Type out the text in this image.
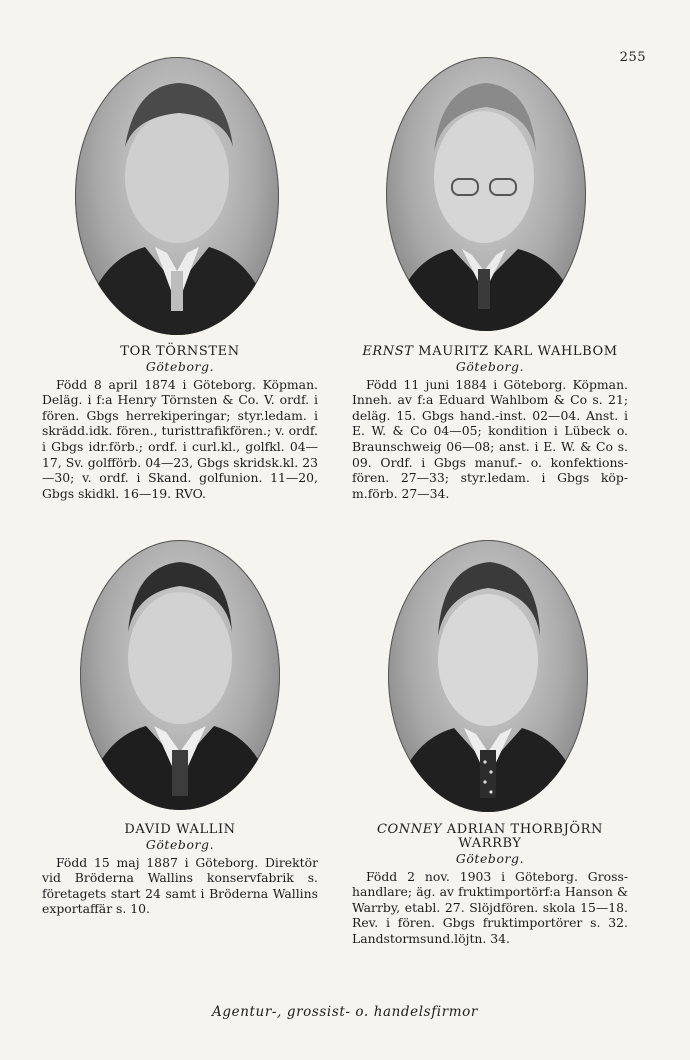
255
TOR TÖRNSTEN
Göteborg.

Född 8 april 1874 i Göteborg. Köpman. Deläg. i f:a Henry Törnsten & Co. V. ordf. i fören. Gbgs herrekiperingar; styr.ledam. i skrädd.idk. fören., turisttrafikfören.; v. ordf. i Gbgs idr.förb.; ordf. i curl.kl., golfkl. 04—17, Sv. golfförb. 04—23, Gbgs skridsk.kl. 23—30; v. ordf. i Skand. golfunion. 11—20, Gbgs skidkl. 16—19. RVO.

ERNST MAURITZ KARL WAHLBOM
Göteborg.

Född 11 juni 1884 i Göteborg. Köpman. Inneh. av f:a Eduard Wahlbom & Co s. 21; deläg. 15. Gbgs hand.-inst. 02—04. Anst. i E. W. & Co 04—05; kondition i Lübeck o. Braunschweig 06—08; anst. i E. W. & Co s. 09. Ordf. i Gbgs manuf.- o. konfektionsfören. 27—33; styr.ledam. i Gbgs köpm.förb. 27—34.

DAVID WALLIN
Göteborg.

Född 15 maj 1887 i Göteborg. Direktör vid Bröderna Wallins konservfabrik s. företagets start 24 samt i Bröderna Wallins exportaffär s. 10.

CONNEY ADRIAN THORBJÖRN WARRBY
Göteborg.

Född 2 nov. 1903 i Göteborg. Grosshandlare; äg. av fruktimportörf:a Hanson & Warrby, etabl. 27. Slöjdfören. skola 15—18. Rev. i fören. Gbgs fruktimportörer s. 32. Landstormsund.löjtn. 34.

Agentur-, grossist- o. handelsfirmor
